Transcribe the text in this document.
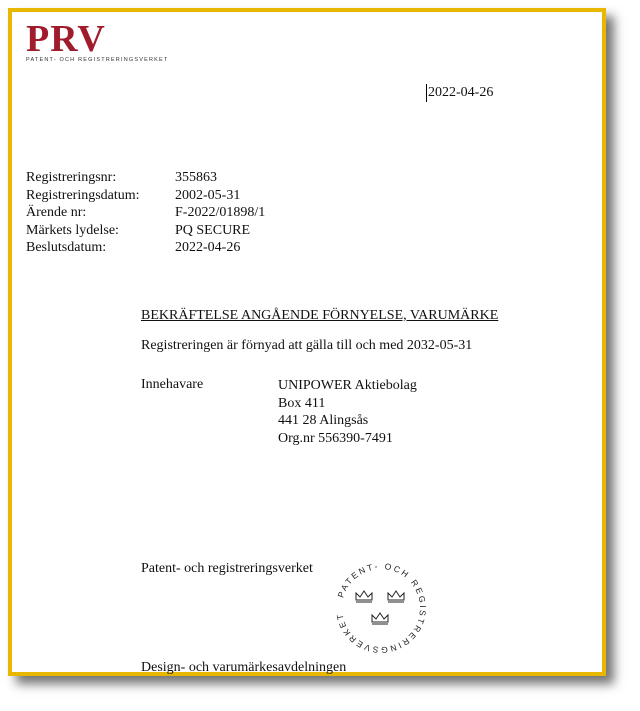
PRV
PATENT- OCH REGISTRERINGSVERKET
2022-04-26
Registreringsnr:	355863
Registreringsdatum:	2002-05-31
Ärende nr:	F-2022/01898/1
Märkets lydelse:	PQ SECURE
Beslutsdatum:	2022-04-26
BEKRÄFTELSE ANGÅENDE FÖRNYELSE, VARUMÄRKE
Registreringen är förnyad att gälla till och med 2032-05-31
Innehavare	UNIPOWER Aktiebolag
Box 411
441 28 Alingsås
Org.nr 556390-7491
Patent- och registreringsverket
PATENT- OCH REGISTRERINGSVERKET
Design- och varumärkesavdelningen
